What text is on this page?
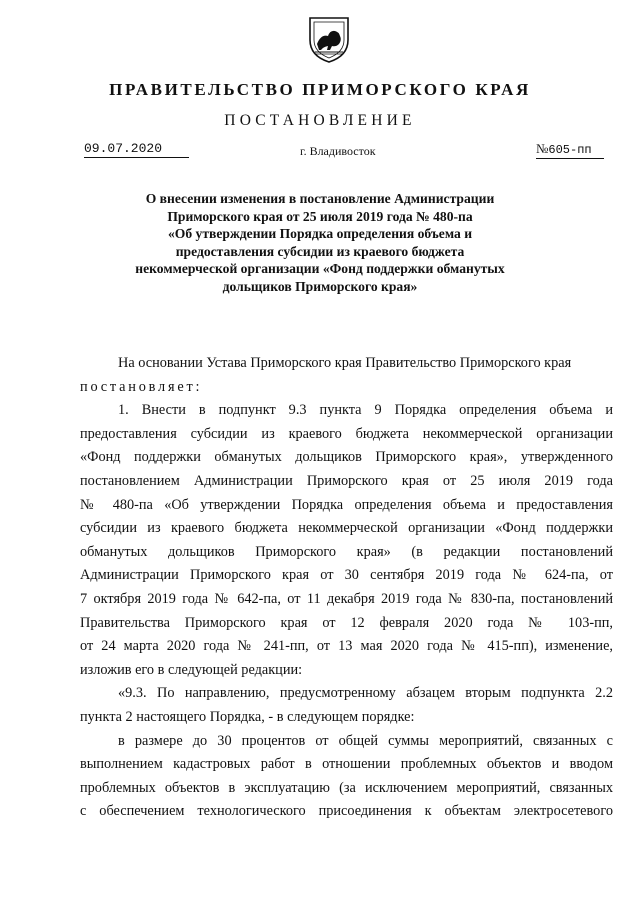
ПРАВИТЕЛЬСТВО ПРИМОРСКОГО КРАЯ
ПОСТАНОВЛЕНИЕ
09.07.2020	г. Владивосток	№605-пп
О внесении изменения в постановление Администрации
Приморского края от 25 июля 2019 года № 480-па
«Об утверждении Порядка определения объема и
предоставления субсидии из краевого бюджета
некоммерческой организации «Фонд поддержки обманутых
дольщиков Приморского края»
На основании Устава Приморского края Правительство Приморского края
постановляет:
1. Внести в подпункт 9.3 пункта 9 Порядка определения объема и
предоставления субсидии из краевого бюджета некоммерческой организации
«Фонд поддержки обманутых дольщиков Приморского края», утвержденного
постановлением Администрации Приморского края от 25 июля 2019 года
№ 480-па «Об утверждении Порядка определения объема и предоставления
субсидии из краевого бюджета некоммерческой организации «Фонд поддержки
обманутых дольщиков Приморского края» (в редакции постановлений
Администрации Приморского края от 30 сентября 2019 года № 624-па, от
7 октября 2019 года № 642-па, от 11 декабря 2019 года № 830-па, постановлений
Правительства Приморского края от 12 февраля 2020 года № 103-пп,
от 24 марта 2020 года № 241-пп, от 13 мая 2020 года № 415-пп), изменение,
изложив его в следующей редакции:
«9.3. По направлению, предусмотренному абзацем вторым подпункта 2.2
пункта 2 настоящего Порядка, - в следующем порядке:
в размере до 30 процентов от общей суммы мероприятий, связанных с
выполнением кадастровых работ в отношении проблемных объектов и вводом
проблемных объектов в эксплуатацию (за исключением мероприятий, связанных
с обеспечением технологического присоединения к объектам электросетевого
